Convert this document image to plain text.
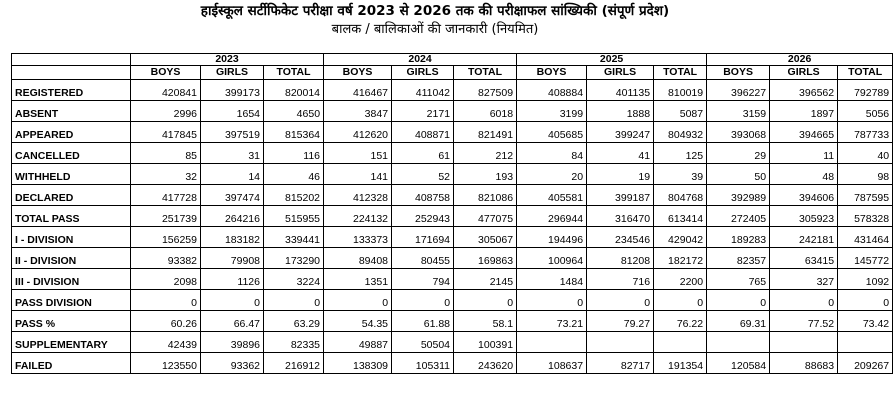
हाईस्कूल सर्टीफिकेट परीक्षा वर्ष 2023 से 2026 तक की परीक्षाफल सांख्यिकी (संपूर्ण प्रदेश)
बालक / बालिकाओं की जानकारी (नियमित)
	2023			2024			2025			2026		
	BOYS	GIRLS	TOTAL	BOYS	GIRLS	TOTAL	BOYS	GIRLS	TOTAL	BOYS	GIRLS	TOTAL
REGISTERED	420841	399173	820014	416467	411042	827509	408884	401135	810019	396227	396562	792789
ABSENT	2996	1654	4650	3847	2171	6018	3199	1888	5087	3159	1897	5056
APPEARED	417845	397519	815364	412620	408871	821491	405685	399247	804932	393068	394665	787733
CANCELLED	85	31	116	151	61	212	84	41	125	29	11	40
WITHHELD	32	14	46	141	52	193	20	19	39	50	48	98
DECLARED	417728	397474	815202	412328	408758	821086	405581	399187	804768	392989	394606	787595
TOTAL PASS	251739	264216	515955	224132	252943	477075	296944	316470	613414	272405	305923	578328
I - DIVISION	156259	183182	339441	133373	171694	305067	194496	234546	429042	189283	242181	431464
II - DIVISION	93382	79908	173290	89408	80455	169863	100964	81208	182172	82357	63415	145772
III - DIVISION	2098	1126	3224	1351	794	2145	1484	716	2200	765	327	1092
PASS DIVISION	0	0	0	0	0	0	0	0	0	0	0	0
PASS %	60.26	66.47	63.29	54.35	61.88	58.1	73.21	79.27	76.22	69.31	77.52	73.42
SUPPLEMENTARY	42439	39896	82335	49887	50504	100391						
FAILED	123550	93362	216912	138309	105311	243620	108637	82717	191354	120584	88683	209267
